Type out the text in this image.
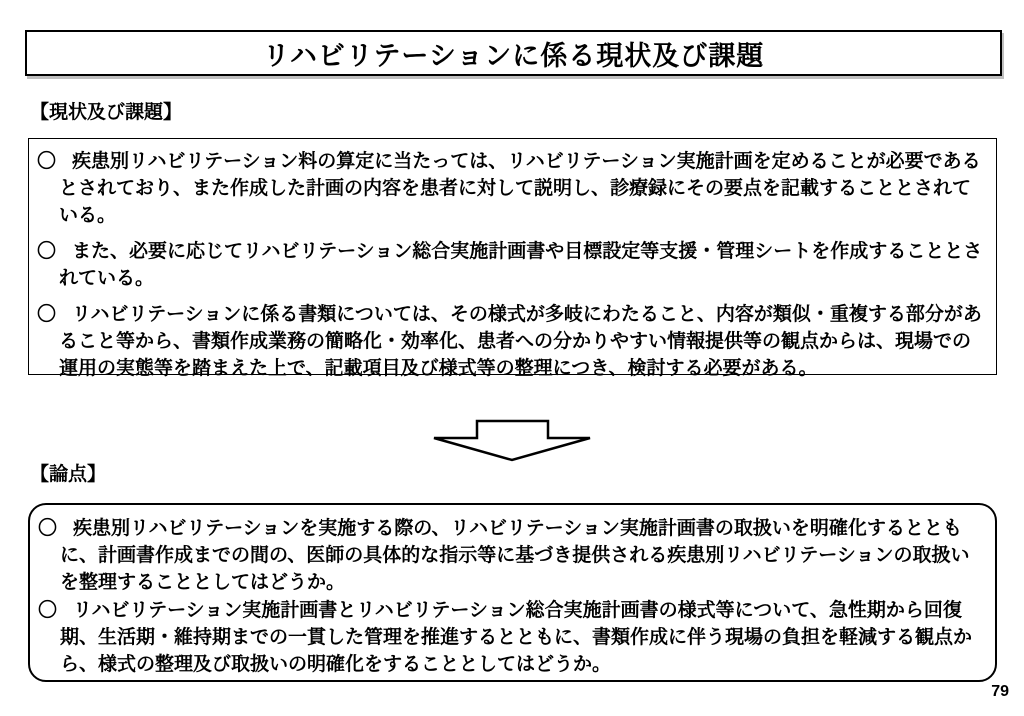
リハビリテーションに係る現状及び課題
【現状及び課題】

〇 疾患別リハビリテーション料の算定に当たっては、リハビリテーション実施計画を定めることが必要であるとされており、また作成した計画の内容を患者に対して説明し、診療録にその要点を記載することとされている。

〇 また、必要に応じてリハビリテーション総合実施計画書や目標設定等支援・管理シートを作成することとされている。

〇 リハビリテーションに係る書類については、その様式が多岐にわたること、内容が類似・重複する部分があること等から、書類作成業務の簡略化・効率化、患者への分かりやすい情報提供等の観点からは、現場での運用の実態等を踏まえた上で、記載項目及び様式等の整理につき、検討する必要がある。

【論点】

〇 疾患別リハビリテーションを実施する際の、リハビリテーション実施計画書の取扱いを明確化するとともに、計画書作成までの間の、医師の具体的な指示等に基づき提供される疾患別リハビリテーションの取扱いを整理することとしてはどうか。

〇 リハビリテーション実施計画書とリハビリテーション総合実施計画書の様式等について、急性期から回復期、生活期・維持期までの一貫した管理を推進するとともに、書類作成に伴う現場の負担を軽減する観点から、様式の整理及び取扱いの明確化をすることとしてはどうか。

79
